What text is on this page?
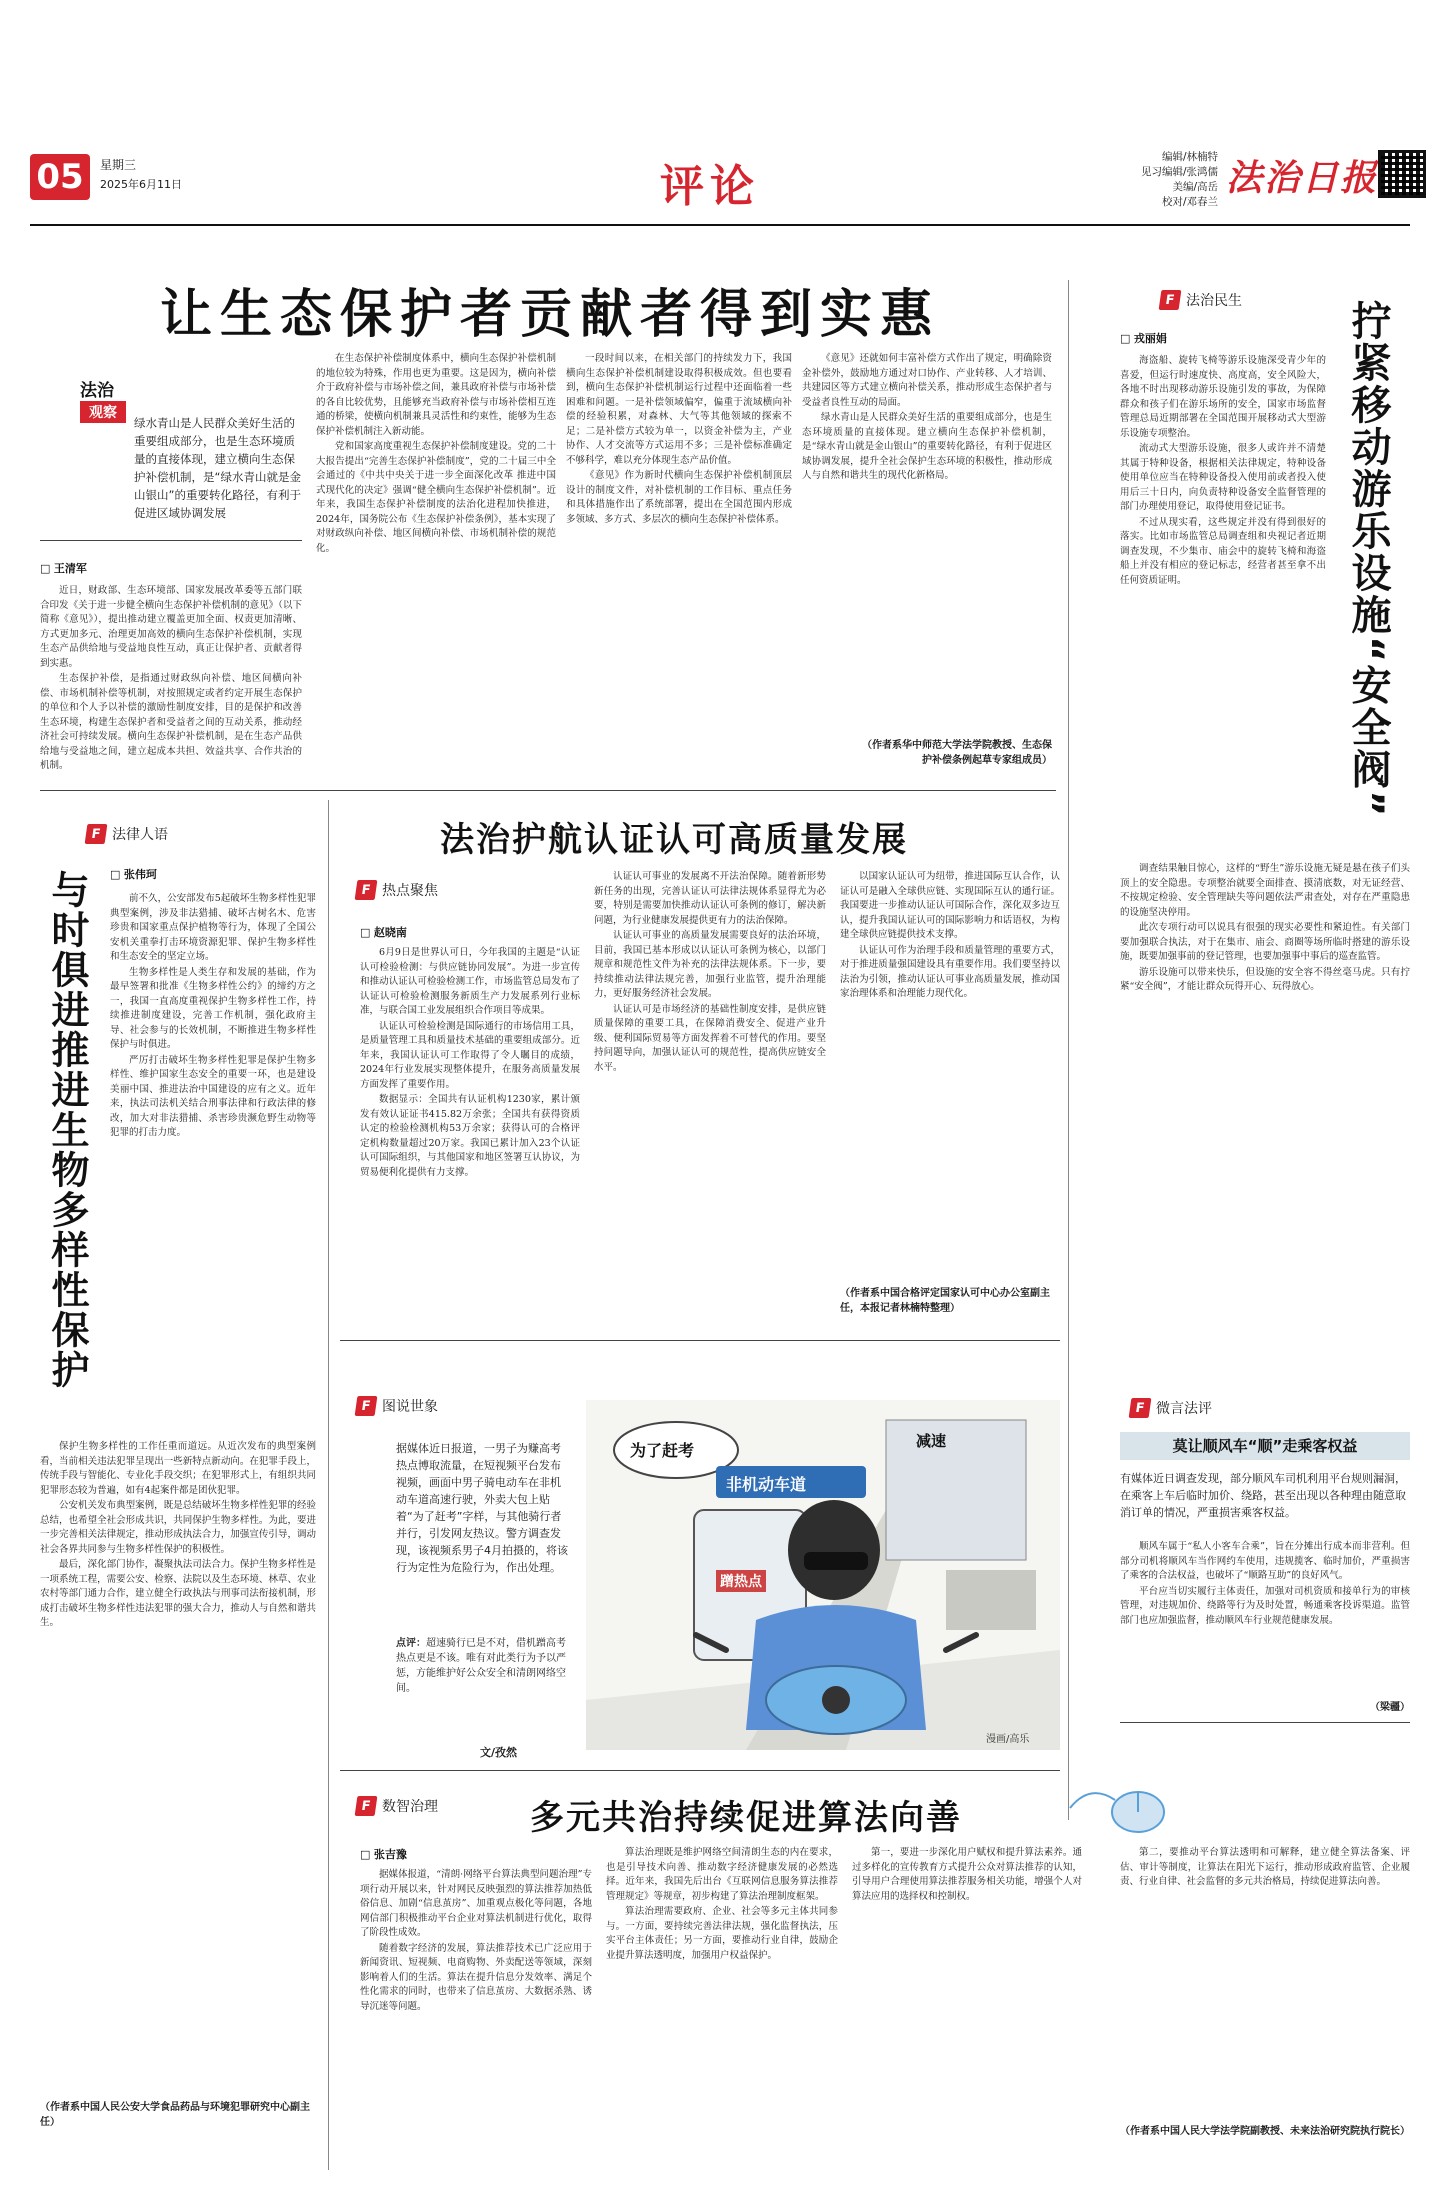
05	星期三
2025年6月11日	评论
编辑/林楠特
见习编辑/张鸿儒
美编/高岳
校对/邓春兰
法治日报
让生态保护者贡献者得到实惠
法治
观察
绿水青山是人民群众美好生活的重要组成部分，也是生态环境质量的直接体现，建立横向生态保护补偿机制，是“绿水青山就是金山银山”的重要转化路径，有利于促进区域协调发展
□ 王清军

近日，财政部、生态环境部、国家发展改革委等五部门联合印发《关于进一步健全横向生态保护补偿机制的意见》（以下简称《意见》），提出推动建立覆盖更加全面、权责更加清晰、方式更加多元、治理更加高效的横向生态保护补偿机制，实现生态产品供给地与受益地良性互动，真正让保护者、贡献者得到实惠。

生态保护补偿，是指通过财政纵向补偿、地区间横向补偿、市场机制补偿等机制，对按照规定或者约定开展生态保护的单位和个人予以补偿的激励性制度安排，目的是保护和改善生态环境，构建生态保护者和受益者之间的互动关系，推动经济社会可持续发展。横向生态保护补偿机制，是在生态产品供给地与受益地之间，建立起成本共担、效益共享、合作共治的机制。

在生态保护补偿制度体系中，横向生态保护补偿机制的地位较为特殊，作用也更为重要。这是因为，横向补偿介于政府补偿与市场补偿之间，兼具政府补偿与市场补偿的各自比较优势，且能够充当政府补偿与市场补偿相互连通的桥梁，使横向机制兼具灵活性和约束性，能够为生态保护补偿机制注入新动能。

党和国家高度重视生态保护补偿制度建设。党的二十大报告提出“完善生态保护补偿制度”，党的二十届三中全会通过的《中共中央关于进一步全面深化改革 推进中国式现代化的决定》强调“健全横向生态保护补偿机制”。近年来，我国生态保护补偿制度的法治化进程加快推进，2024年，国务院公布《生态保护补偿条例》，基本实现了对财政纵向补偿、地区间横向补偿、市场机制补偿的规范化。

一段时间以来，在相关部门的持续发力下，我国横向生态保护补偿机制建设取得积极成效。但也要看到，横向生态保护补偿机制运行过程中还面临着一些困难和问题。一是补偿领域偏窄，偏重于流域横向补偿的经验积累，对森林、大气等其他领域的探索不足；二是补偿方式较为单一，以资金补偿为主，产业协作、人才交流等方式运用不多；三是补偿标准确定不够科学，难以充分体现生态产品价值。

《意见》作为新时代横向生态保护补偿机制顶层设计的制度文件，对补偿机制的工作目标、重点任务和具体措施作出了系统部署，提出在全国范围内形成多领域、多方式、多层次的横向生态保护补偿体系。

《意见》还就如何丰富补偿方式作出了规定，明确除资金补偿外，鼓励地方通过对口协作、产业转移、人才培训、共建园区等方式建立横向补偿关系，推动形成生态保护者与受益者良性互动的局面。

绿水青山是人民群众美好生活的重要组成部分，也是生态环境质量的直接体现。建立横向生态保护补偿机制，是“绿水青山就是金山银山”的重要转化路径，有利于促进区域协调发展，提升全社会保护生态环境的积极性，推动形成人与自然和谐共生的现代化新格局。

（作者系华中师范大学法学院教授、生态保护补偿条例起草专家组成员）
F 法治民生
□ 戎丽娟	拧紧移动游乐设施“安全阀”

海盗船、旋转飞椅等游乐设施深受青少年的喜爱，但运行时速度快、高度高，安全风险大，各地不时出现移动游乐设施引发的事故，为保障群众和孩子们在游乐场所的安全，国家市场监督管理总局近期部署在全国范围开展移动式大型游乐设施专项整治。

流动式大型游乐设施，很多人或许并不清楚其属于特种设备，根据相关法律规定，特种设备使用单位应当在特种设备投入使用前或者投入使用后三十日内，向负责特种设备安全监督管理的部门办理使用登记，取得使用登记证书。

不过从现实看，这些规定并没有得到很好的落实。比如市场监管总局调查组和央视记者近期调查发现，不少集市、庙会中的旋转飞椅和海盗船上并没有相应的登记标志，经营者甚至拿不出任何资质证明。

调查结果触目惊心，这样的“野生”游乐设施无疑是悬在孩子们头顶上的安全隐患。专项整治就要全面排查、摸清底数，对无证经营、不按规定检验、安全管理缺失等问题依法严肃查处，对存在严重隐患的设施坚决停用。

此次专项行动可以说具有很强的现实必要性和紧迫性。有关部门要加强联合执法，对于在集市、庙会、商圈等场所临时搭建的游乐设施，既要加强事前的登记管理，也要加强事中事后的巡查监管。

游乐设施可以带来快乐，但设施的安全容不得丝毫马虎。只有拧紧“安全阀”，才能让群众玩得开心、玩得放心。

F 微言法评
莫让顺风车“顺”走乘客权益
有媒体近日调查发现，部分顺风车司机利用平台规则漏洞，在乘客上车后临时加价、绕路，甚至出现以各种理由随意取消订单的情况，严重损害乘客权益。

顺风车属于“私人小客车合乘”，旨在分摊出行成本而非营利。但部分司机将顺风车当作网约车使用，违规揽客、临时加价，严重损害了乘客的合法权益，也破坏了“顺路互助”的良好风气。

平台应当切实履行主体责任，加强对司机资质和接单行为的审核管理，对违规加价、绕路等行为及时处置，畅通乘客投诉渠道。监管部门也应加强监督，推动顺风车行业规范健康发展。

（梁疆）
F 法律人语
□ 张伟珂
与时俱进推进生物多样性保护	前不久，公安部发布5起破坏生物多样性犯罪典型案例，涉及非法猎捕、破坏古树名木、危害珍贵和国家重点保护植物等行为，体现了全国公安机关重拳打击环境资源犯罪、保护生物多样性和生态安全的坚定立场。

生物多样性是人类生存和发展的基础，作为最早签署和批准《生物多样性公约》的缔约方之一，我国一直高度重视保护生物多样性工作，持续推进制度建设，完善工作机制，强化政府主导、社会参与的长效机制，不断推进生物多样性保护与时俱进。

严厉打击破坏生物多样性犯罪是保护生物多样性、维护国家生态安全的重要一环，也是建设美丽中国、推进法治中国建设的应有之义。近年来，执法司法机关结合刑事法律和行政法律的修改，加大对非法猎捕、杀害珍贵濒危野生动物等犯罪的打击力度。

保护生物多样性的工作任重而道远。从近次发布的典型案例看，当前相关违法犯罪呈现出一些新特点新动向。在犯罪手段上，传统手段与智能化、专业化手段交织；在犯罪形式上，有组织共同犯罪形态较为普遍，如有4起案件都是团伙犯罪。

公安机关发布典型案例，既是总结破坏生物多样性犯罪的经验总结，也希望全社会形成共识，共同保护生物多样性。为此，要进一步完善相关法律规定，推动形成执法合力，加强宣传引导，调动社会各界共同参与生物多样性保护的积极性。

最后，深化部门协作，凝聚执法司法合力。保护生物多样性是一项系统工程，需要公安、检察、法院以及生态环境、林草、农业农村等部门通力合作，建立健全行政执法与刑事司法衔接机制，形成打击破坏生物多样性违法犯罪的强大合力，推动人与自然和谐共生。

（作者系中国人民公安大学食品药品与环境犯罪研究中心副主任）
法治护航认证认可高质量发展
F 热点聚焦
□ 赵晓南

6月9日是世界认可日，今年我国的主题是“认证认可检验检测：与供应链协同发展”。为进一步宣传和推动认证认可检验检测工作，市场监管总局发布了认证认可检验检测服务新质生产力发展系列行业标准，与联合国工业发展组织合作项目等成果。

认证认可检验检测是国际通行的市场信用工具，是质量管理工具和质量技术基础的重要组成部分。近年来，我国认证认可工作取得了令人瞩目的成绩，2024年行业发展实现整体提升，在服务高质量发展方面发挥了重要作用。

数据显示：全国共有认证机构1230家，累计颁发有效认证证书415.82万余张；全国共有获得资质认定的检验检测机构53万余家；获得认可的合格评定机构数量超过20万家。我国已累计加入23个认证认可国际组织，与其他国家和地区签署互认协议，为贸易便利化提供有力支撑。

认证认可事业的发展离不开法治保障。随着新形势新任务的出现，完善认证认可法律法规体系显得尤为必要，特别是需要加快推动认证认可条例的修订，解决新问题，为行业健康发展提供更有力的法治保障。

认证认可事业的高质量发展需要良好的法治环境，目前，我国已基本形成以认证认可条例为核心，以部门规章和规范性文件为补充的法律法规体系。下一步，要持续推动法律法规完善，加强行业监管，提升治理能力，更好服务经济社会发展。

认证认可是市场经济的基础性制度安排，是供应链质量保障的重要工具，在保障消费安全、促进产业升级、便利国际贸易等方面发挥着不可替代的作用。要坚持问题导向，加强认证认可的规范性，提高供应链安全水平。

以国家认证认可为纽带，推进国际互认合作，认证认可是融入全球供应链、实现国际互认的通行证。我国要进一步推动认证认可国际合作，深化双多边互认，提升我国认证认可的国际影响力和话语权，为构建全球供应链提供技术支撑。

认证认可作为治理手段和质量管理的重要方式，对于推进质量强国建设具有重要作用。我们要坚持以法治为引领，推动认证认可事业高质量发展，推动国家治理体系和治理能力现代化。

（作者系中国合格评定国家认可中心办公室副主任，本报记者林楠特整理）
F 图说世象
据媒体近日报道，一男子为赚高考热点博取流量，在短视频平台发布视频，画面中男子骑电动车在非机动车道高速行驶，外卖大包上贴着“为了赶考”字样，与其他骑行者并行，引发网友热议。警方调查发现，该视频系男子4月拍摄的，将该行为定性为危险行为，作出处理。
点评：超速骑行已是不对，借机蹭高考热点更是不该。唯有对此类行为予以严惩，方能维护好公众安全和清朗网络空间。
文/孜然
为了赶考
非机动车道
减速
蹭热点
漫画/高乐
F 数智治理	多元共治持续促进算法向善
□ 张吉豫

据媒体报道，“清朗·网络平台算法典型问题治理”专项行动开展以来，针对网民反映强烈的算法推荐加热低俗信息、加剧“信息茧房”、加重观点极化等问题，各地网信部门积极推动平台企业对算法机制进行优化，取得了阶段性成效。

随着数字经济的发展，算法推荐技术已广泛应用于新闻资讯、短视频、电商购物、外卖配送等领域，深刻影响着人们的生活。算法在提升信息分发效率、满足个性化需求的同时，也带来了信息茧房、大数据杀熟、诱导沉迷等问题。

算法治理既是维护网络空间清朗生态的内在要求，也是引导技术向善、推动数字经济健康发展的必然选择。近年来，我国先后出台《互联网信息服务算法推荐管理规定》等规章，初步构建了算法治理制度框架。

算法治理需要政府、企业、社会等多元主体共同参与。一方面，要持续完善法律法规，强化监督执法，压实平台主体责任；另一方面，要推动行业自律，鼓励企业提升算法透明度，加强用户权益保护。

第一，要进一步深化用户赋权和提升算法素养。通过多样化的宣传教育方式提升公众对算法推荐的认知，引导用户合理使用算法推荐服务相关功能，增强个人对算法应用的选择权和控制权。

第二，要推动平台算法透明和可解释，建立健全算法备案、评估、审计等制度，让算法在阳光下运行，推动形成政府监管、企业履责、行业自律、社会监督的多元共治格局，持续促进算法向善。

（作者系中国人民大学法学院副教授、未来法治研究院执行院长）
